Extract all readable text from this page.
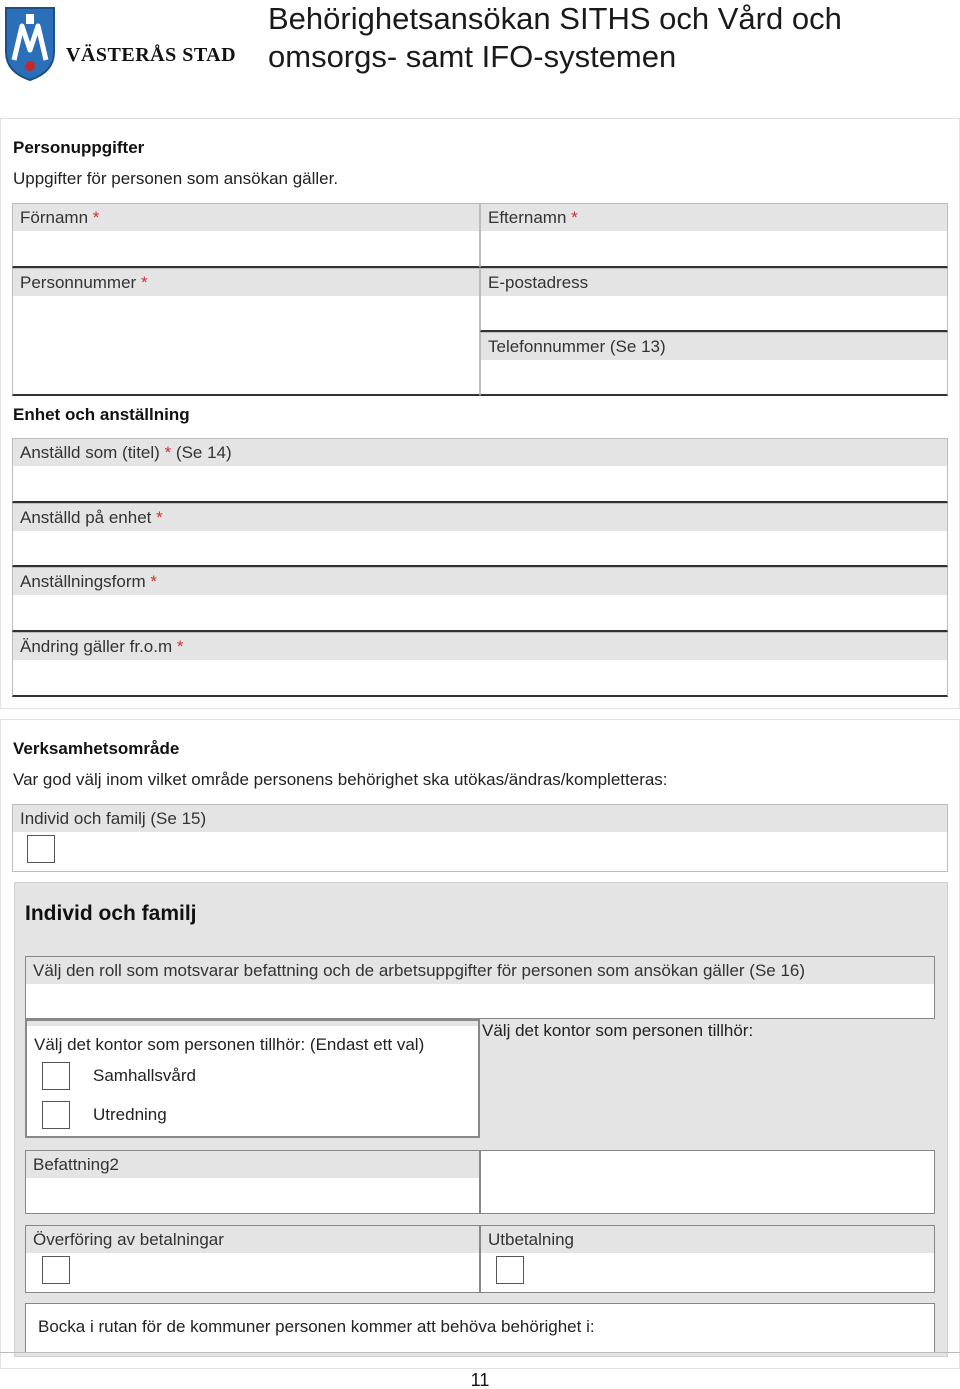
VÄSTERÅS STAD
Behörighetsansökan SITHS och Vård och
omsorgs- samt IFO-systemen
Personuppgifter
Uppgifter för personen som ansökan gäller.
Förnamn *	Efternamn *
Personnummer *	E-postadress
Telefonnummer (Se 13)
Enhet och anställning
Anställd som (titel) * (Se 14)
Anställd på enhet *
Anställningsform *
Ändring gäller fr.o.m *
Verksamhetsområde
Var god välj inom vilket område personens behörighet ska utökas/ändras/kompletteras:
Individ och familj (Se 15)
Individ och familj
Välj den roll som motsvarar befattning och de arbetsuppgifter för personen som ansökan gäller (Se 16)
Välj det kontor som personen tillhör: (Endast ett val)
Samhallsvård
Utredning
Välj det kontor som personen tillhör:
Befattning2
Överföring av betalningar	Utbetalning
Bocka i rutan för de kommuner personen kommer att behöva behörighet i:
11
